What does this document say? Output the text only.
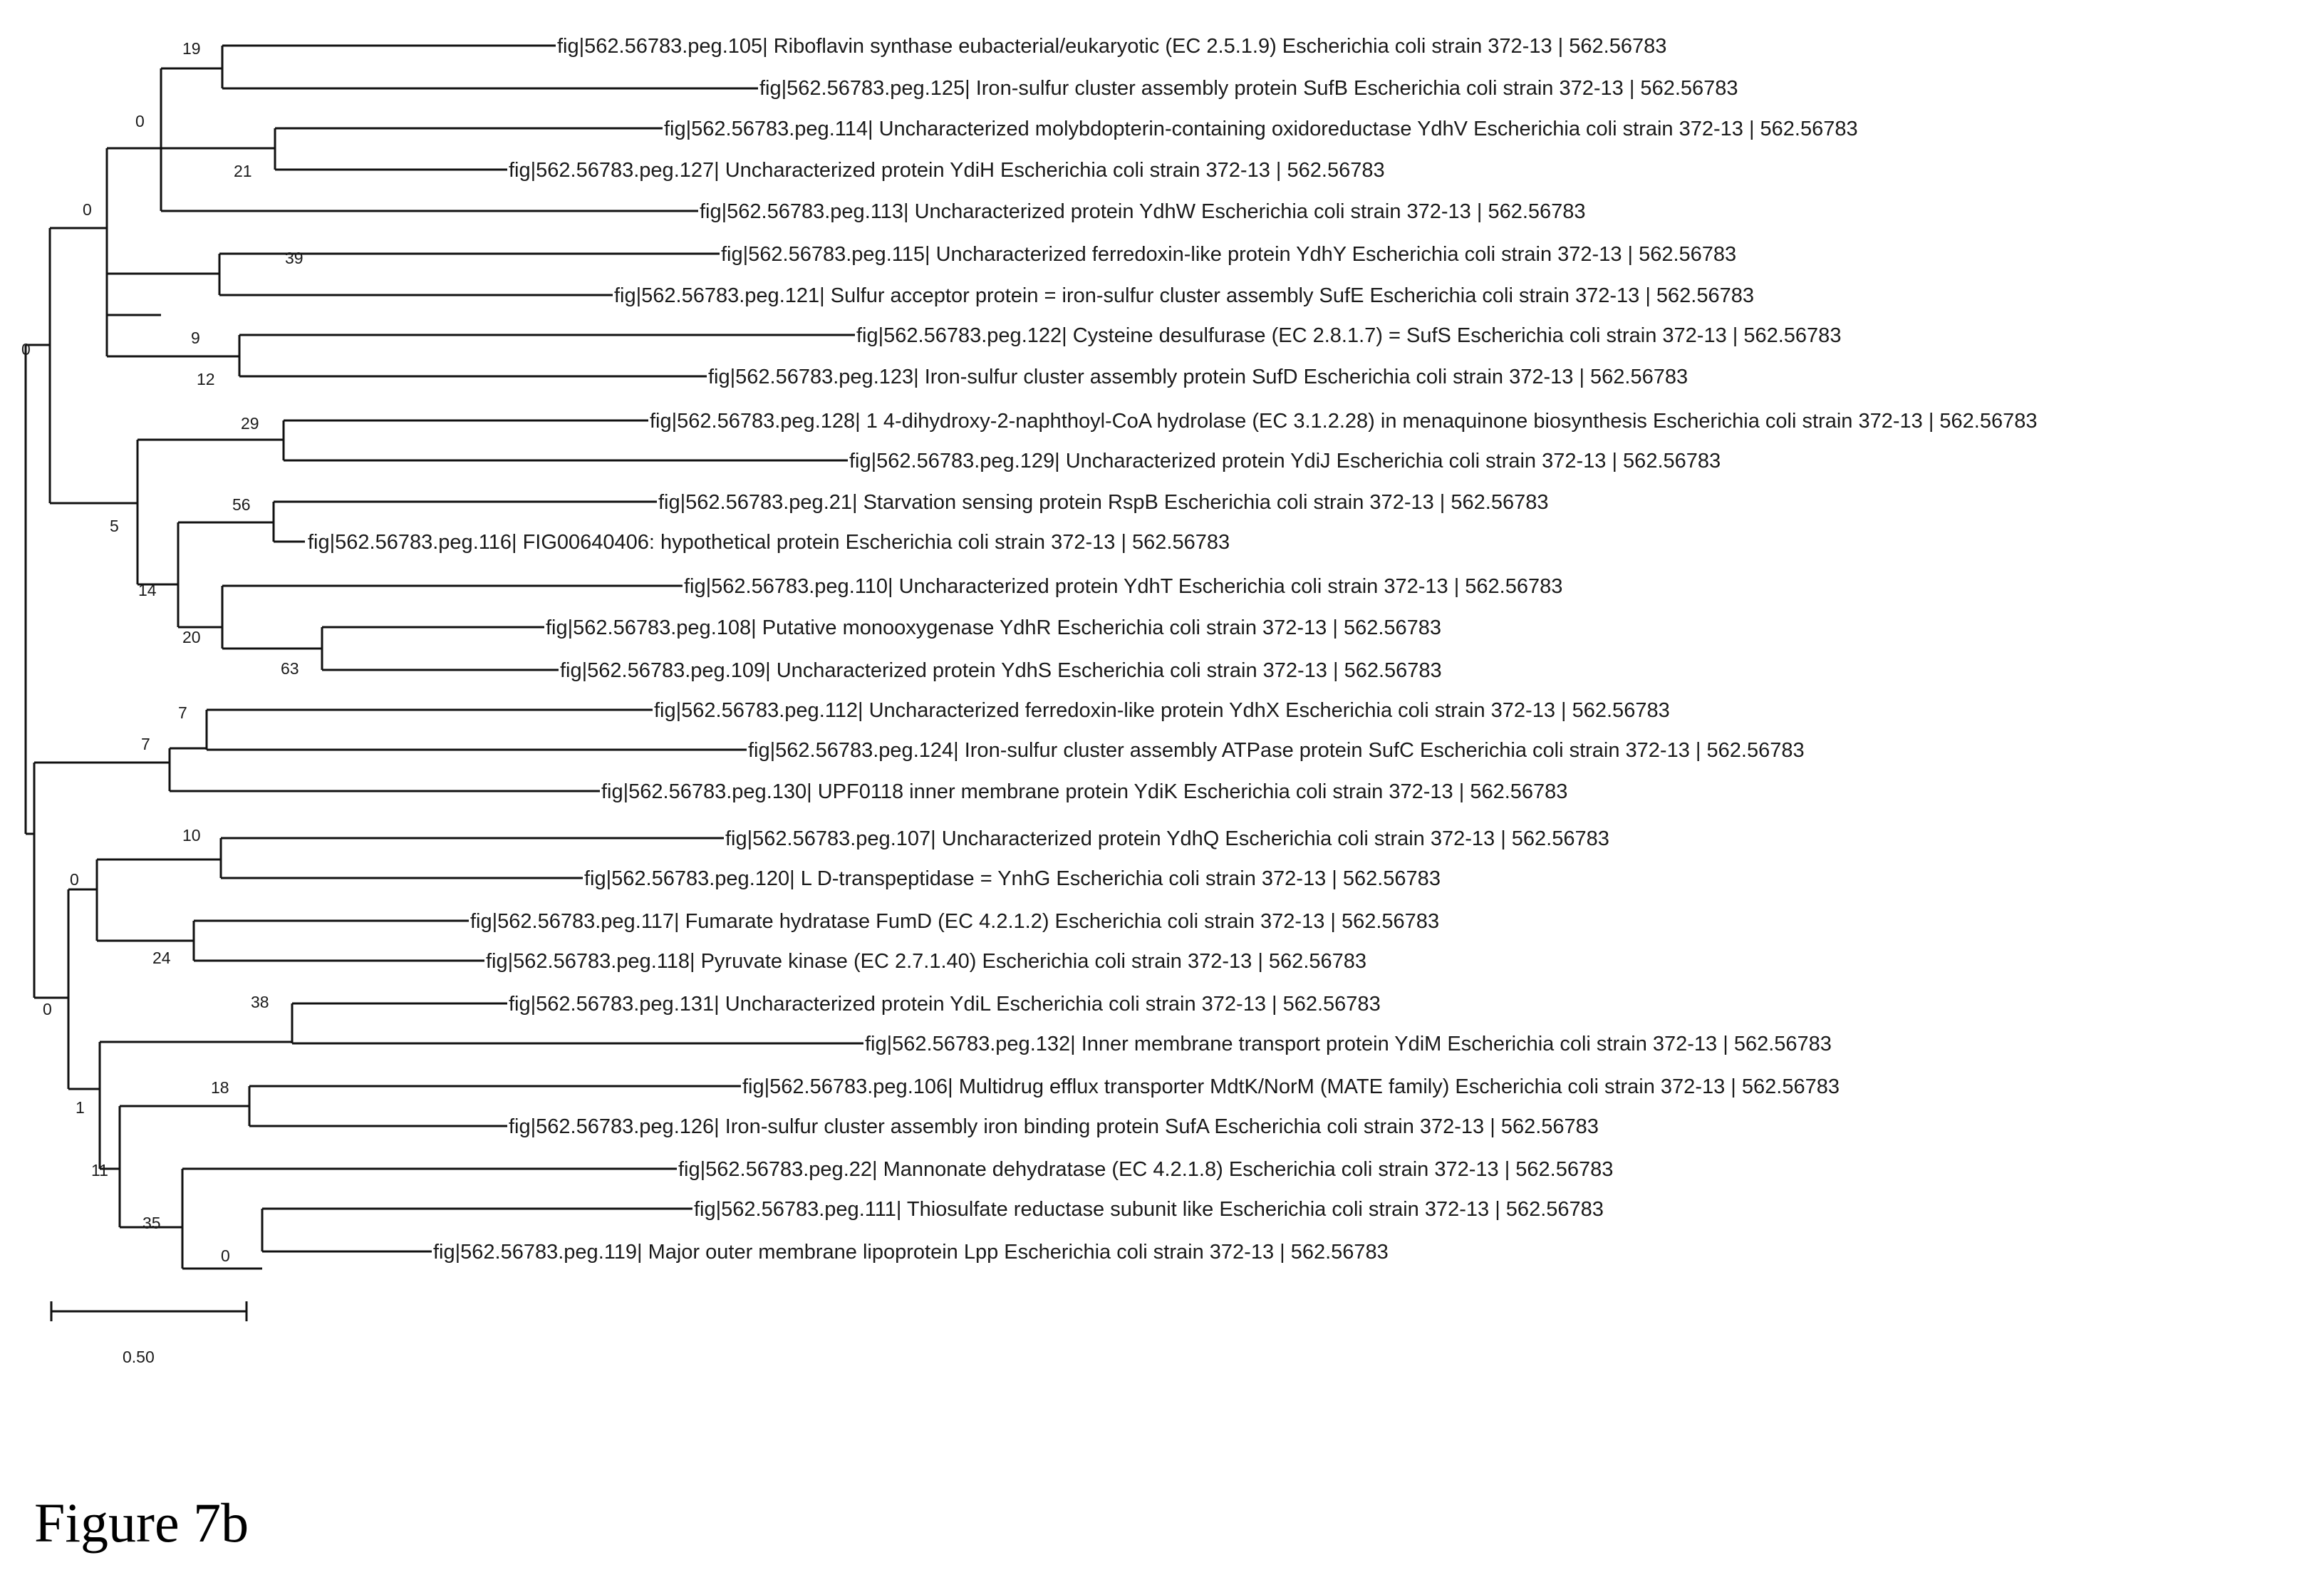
fig|562.56783.peg.105| Riboflavin synthase eubacterial/eukaryotic (EC 2.5.1.9) Escherichia coli strain 372-13 | 562.56783
fig|562.56783.peg.125| Iron-sulfur cluster assembly protein SufB Escherichia coli strain 372-13 | 562.56783
fig|562.56783.peg.114| Uncharacterized molybdopterin-containing oxidoreductase YdhV Escherichia coli strain 372-13 | 562.56783
fig|562.56783.peg.127| Uncharacterized protein YdiH Escherichia coli strain 372-13 | 562.56783
fig|562.56783.peg.113| Uncharacterized protein YdhW Escherichia coli strain 372-13 | 562.56783
fig|562.56783.peg.115| Uncharacterized ferredoxin-like protein YdhY Escherichia coli strain 372-13 | 562.56783
fig|562.56783.peg.121| Sulfur acceptor protein = iron-sulfur cluster assembly SufE Escherichia coli strain 372-13 | 562.56783
fig|562.56783.peg.122| Cysteine desulfurase (EC 2.8.1.7) = SufS Escherichia coli strain 372-13 | 562.56783
fig|562.56783.peg.123| Iron-sulfur cluster assembly protein SufD Escherichia coli strain 372-13 | 562.56783
fig|562.56783.peg.128| 1 4-dihydroxy-2-naphthoyl-CoA hydrolase (EC 3.1.2.28) in menaquinone biosynthesis Escherichia coli strain 372-13 | 562.56783
fig|562.56783.peg.129| Uncharacterized protein YdiJ Escherichia coli strain 372-13 | 562.56783
fig|562.56783.peg.21| Starvation sensing protein RspB Escherichia coli strain 372-13 | 562.56783
fig|562.56783.peg.116| FIG00640406: hypothetical protein Escherichia coli strain 372-13 | 562.56783
fig|562.56783.peg.110| Uncharacterized protein YdhT Escherichia coli strain 372-13 | 562.56783
fig|562.56783.peg.108| Putative monooxygenase YdhR Escherichia coli strain 372-13 | 562.56783
fig|562.56783.peg.109| Uncharacterized protein YdhS Escherichia coli strain 372-13 | 562.56783
fig|562.56783.peg.112| Uncharacterized ferredoxin-like protein YdhX Escherichia coli strain 372-13 | 562.56783
fig|562.56783.peg.124| Iron-sulfur cluster assembly ATPase protein SufC Escherichia coli strain 372-13 | 562.56783
fig|562.56783.peg.130| UPF0118 inner membrane protein YdiK Escherichia coli strain 372-13 | 562.56783
fig|562.56783.peg.107| Uncharacterized protein YdhQ Escherichia coli strain 372-13 | 562.56783
fig|562.56783.peg.120| L D-transpeptidase = YnhG Escherichia coli strain 372-13 | 562.56783
fig|562.56783.peg.117| Fumarate hydratase FumD (EC 4.2.1.2) Escherichia coli strain 372-13 | 562.56783
fig|562.56783.peg.118| Pyruvate kinase (EC 2.7.1.40) Escherichia coli strain 372-13 | 562.56783
fig|562.56783.peg.131| Uncharacterized protein YdiL Escherichia coli strain 372-13 | 562.56783
fig|562.56783.peg.132| Inner membrane transport protein YdiM Escherichia coli strain 372-13 | 562.56783
fig|562.56783.peg.106| Multidrug efflux transporter MdtK/NorM (MATE family) Escherichia coli strain 372-13 | 562.56783
fig|562.56783.peg.126| Iron-sulfur cluster assembly iron binding protein SufA Escherichia coli strain 372-13 | 562.56783
fig|562.56783.peg.22| Mannonate dehydratase (EC 4.2.1.8) Escherichia coli strain 372-13 | 562.56783
fig|562.56783.peg.111| Thiosulfate reductase subunit like Escherichia coli strain 372-13 | 562.56783
fig|562.56783.peg.119| Major outer membrane lipoprotein Lpp Escherichia coli strain 372-13 | 562.56783
19
0
21
0
39
9
12
0
29
56
5
14
20
63
7
7
10
0
24
38
0
18
1
11
35
0
0.50

Figure 7b
